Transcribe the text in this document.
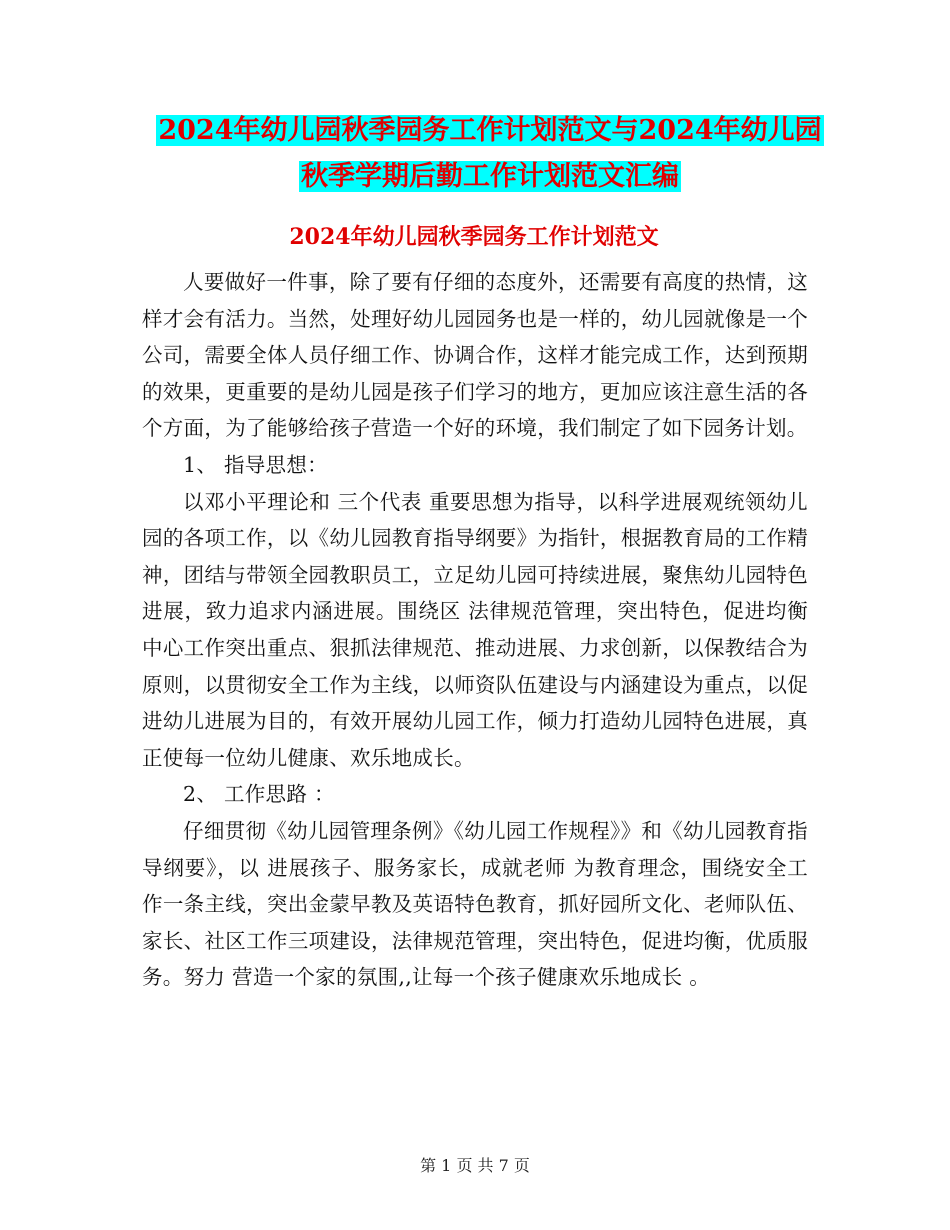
2024年幼儿园秋季园务工作计划范文与2024年幼儿园
秋季学期后勤工作计划范文汇编
2024年幼儿园秋季园务工作计划范文

人要做好一件事，除了要有仔细的态度外，还需要有高度的热情，这样才会有活力。当然，处理好幼儿园园务也是一样的，幼儿园就像是一个公司，需要全体人员仔细工作、协调合作，这样才能完成工作，达到预期的效果，更重要的是幼儿园是孩子们学习的地方，更加应该注意生活的各个方面，为了能够给孩子营造一个好的环境，我们制定了如下园务计划。

1、 指导思想：

以邓小平理论和 三个代表 重要思想为指导，以科学进展观统领幼儿园的各项工作，以《幼儿园教育指导纲要》为指针，根据教育局的工作精神，团结与带领全园教职员工，立足幼儿园可持续进展，聚焦幼儿园特色进展，致力追求内涵进展。围绕区 法律规范管理，突出特色，促进均衡 中心工作突出重点、狠抓法律规范、推动进展、力求创新，以保教结合为原则，以贯彻安全工作为主线，以师资队伍建设与内涵建设为重点，以促进幼儿进展为目的，有效开展幼儿园工作，倾力打造幼儿园特色进展，真正使每一位幼儿健康、欢乐地成长。

2、 工作思路 ：

仔细贯彻《幼儿园管理条例》《幼儿园工作规程》》和《幼儿园教育指导纲要》，以 进展孩子、服务家长，成就老师 为教育理念，围绕安全工作一条主线，突出金蒙早教及英语特色教育，抓好园所文化、老师队伍、家长、社区工作三项建设，法律规范管理，突出特色，促进均衡，优质服务。努力 营造一个家的氛围,,让每一个孩子健康欢乐地成长 。

第 1 页 共 7 页
